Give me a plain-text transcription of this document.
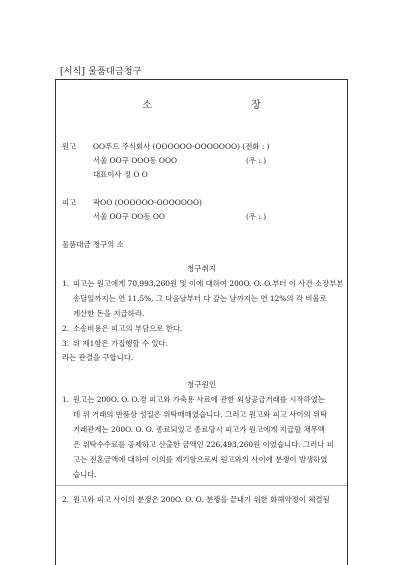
[서식] 물품대금청구
소 장
원고 OO푸드 주식회사 (OOOOOO-OOOOOOO) (전화 : )
서울 OO구 OOO동 OOO	(우 : )
대표이사 정 O O
피고 곽OO (OOOOOO-OOOOOOO)
서울 OO구 OO동 OO	(우 : )
물품대금 청구의 소
청구취지
1. 피고는 원고에게 70,993,260원 및 이에 대하여 200O. O. O.부터 이 사건 소장부본
송달일까지는 연 11.5%, 그 다음날부터 다 갚는 날까지는 연 12%의 각 비율로
계산한 돈을 지급하라.
2. 소송비용은 피고의 부담으로 한다.
3. 위 제1항은 가집행할 수 있다.
라는 판결을 구합니다.
청구원인
1. 원고는 200O. O. O.경 피고와 가축용 사료에 관한 외상공급거래를 시작하였는
데 위 거래의 반품상 성질은 위탁매매였습니다. 그러고 원고와 피고 사이의 위탁
거래관계는 200O. O. O. 종료되었고 종료당시 피고가 원고에게 지급할 채무액
은 위탁수수료를 공제하고 산출한 금액인 226,493,260원 이었습니다. 그러나 피
고는 전혼금액에 대하여 이의를 제기함으로써 원고와의 사이에 분쟁이 발생하였
습니다.
2. 원고와 피고 사이의 분쟁은 200O. O. O. 분쟁을 끝내기 위한 화해약정이 체결됨
